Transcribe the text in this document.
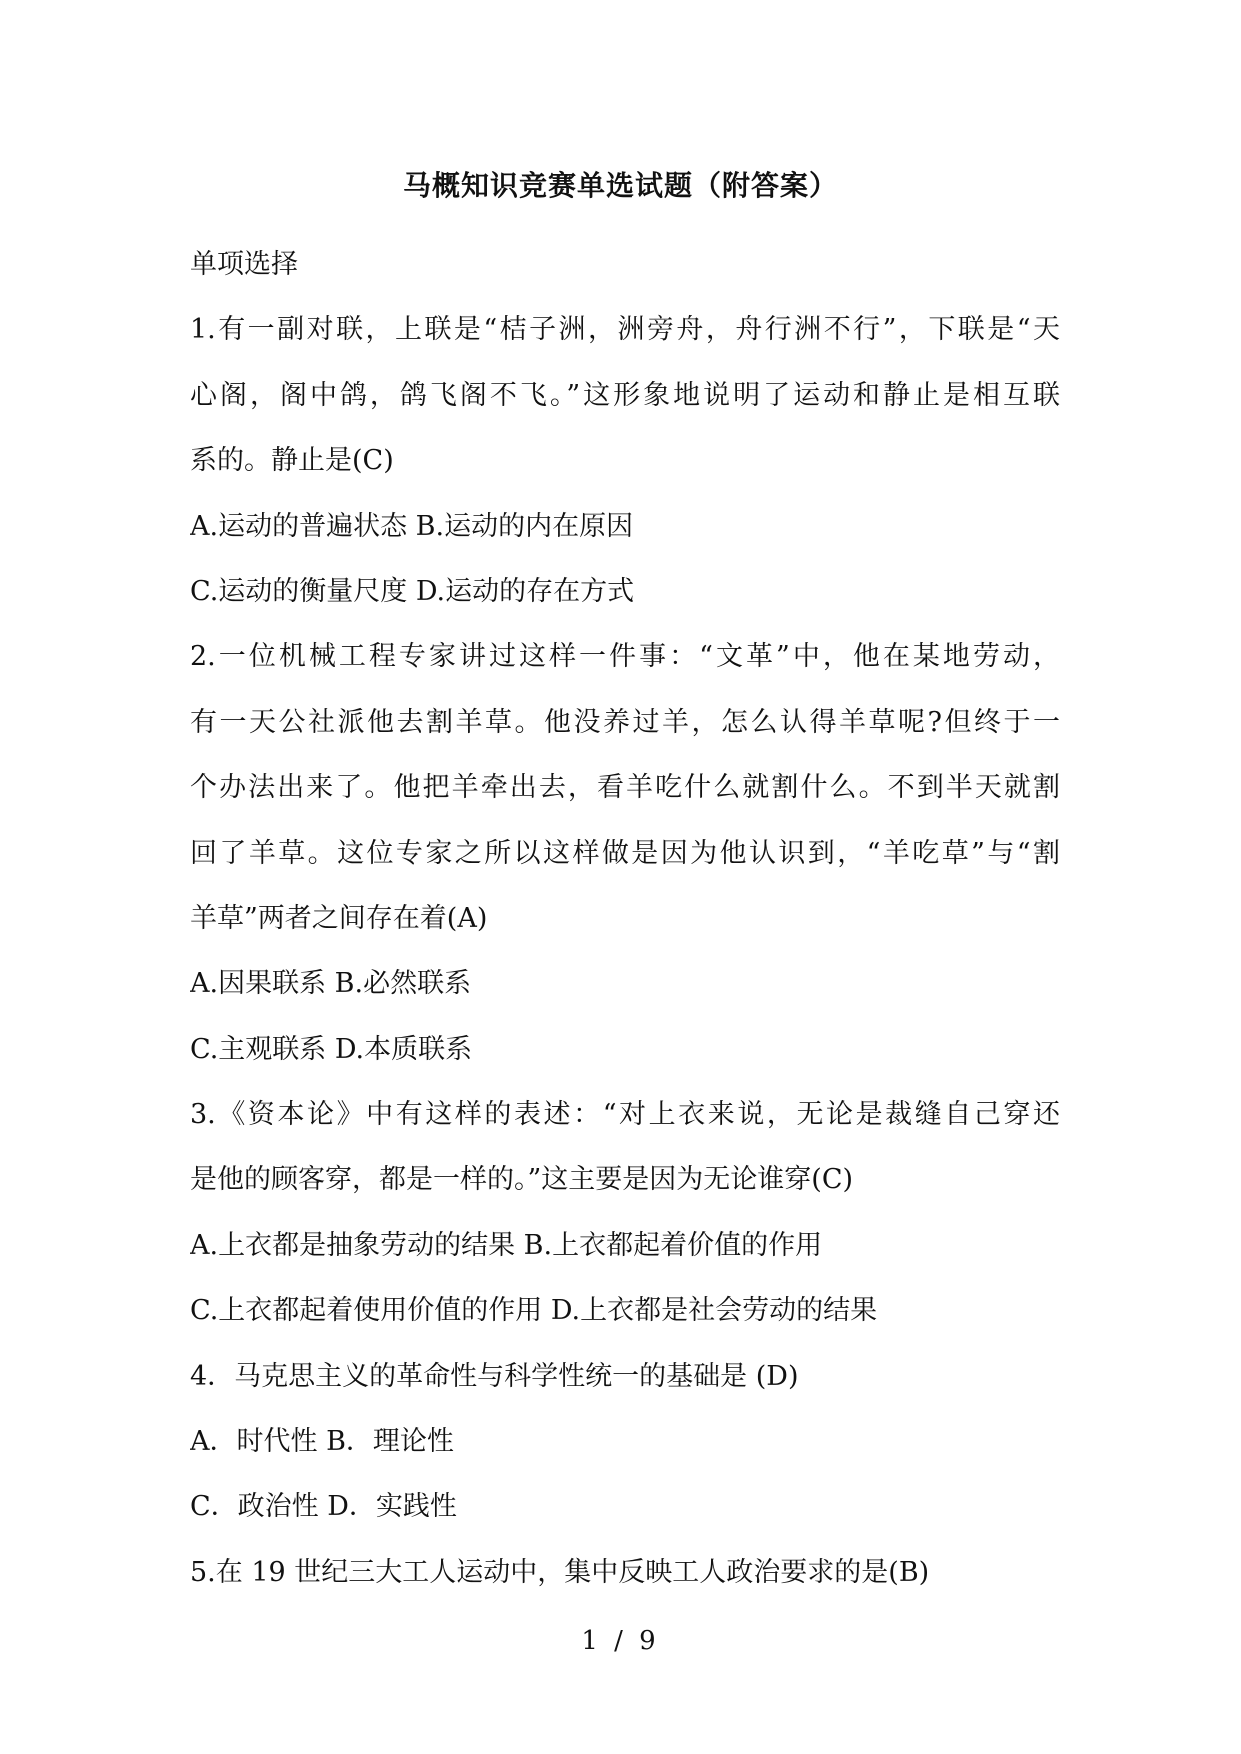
马概知识竞赛单选试题（附答案）
单项选择
1.有一副对联，上联是“桔子洲，洲旁舟，舟行洲不行”，下联是“天
心阁，阁中鸽，鸽飞阁不飞。”这形象地说明了运动和静止是相互联
系的。静止是(C)
A.运动的普遍状态 B.运动的内在原因
C.运动的衡量尺度 D.运动的存在方式
2.一位机械工程专家讲过这样一件事：“文革”中，他在某地劳动，
有一天公社派他去割羊草。他没养过羊，怎么认得羊草呢?但终于一
个办法出来了。他把羊牵出去，看羊吃什么就割什么。不到半天就割
回了羊草。这位专家之所以这样做是因为他认识到，“羊吃草”与“割
羊草”两者之间存在着(A)
A.因果联系 B.必然联系
C.主观联系 D.本质联系
3.《资本论》中有这样的表述：“对上衣来说，无论是裁缝自己穿还
是他的顾客穿，都是一样的。”这主要是因为无论谁穿(C)
A.上衣都是抽象劳动的结果 B.上衣都起着价值的作用
C.上衣都起着使用价值的作用 D.上衣都是社会劳动的结果
4．马克思主义的革命性与科学性统一的基础是 (D)
A．时代性 B．理论性
C．政治性 D．实践性
5.在 19 世纪三大工人运动中，集中反映工人政治要求的是(B)
1 / 9
